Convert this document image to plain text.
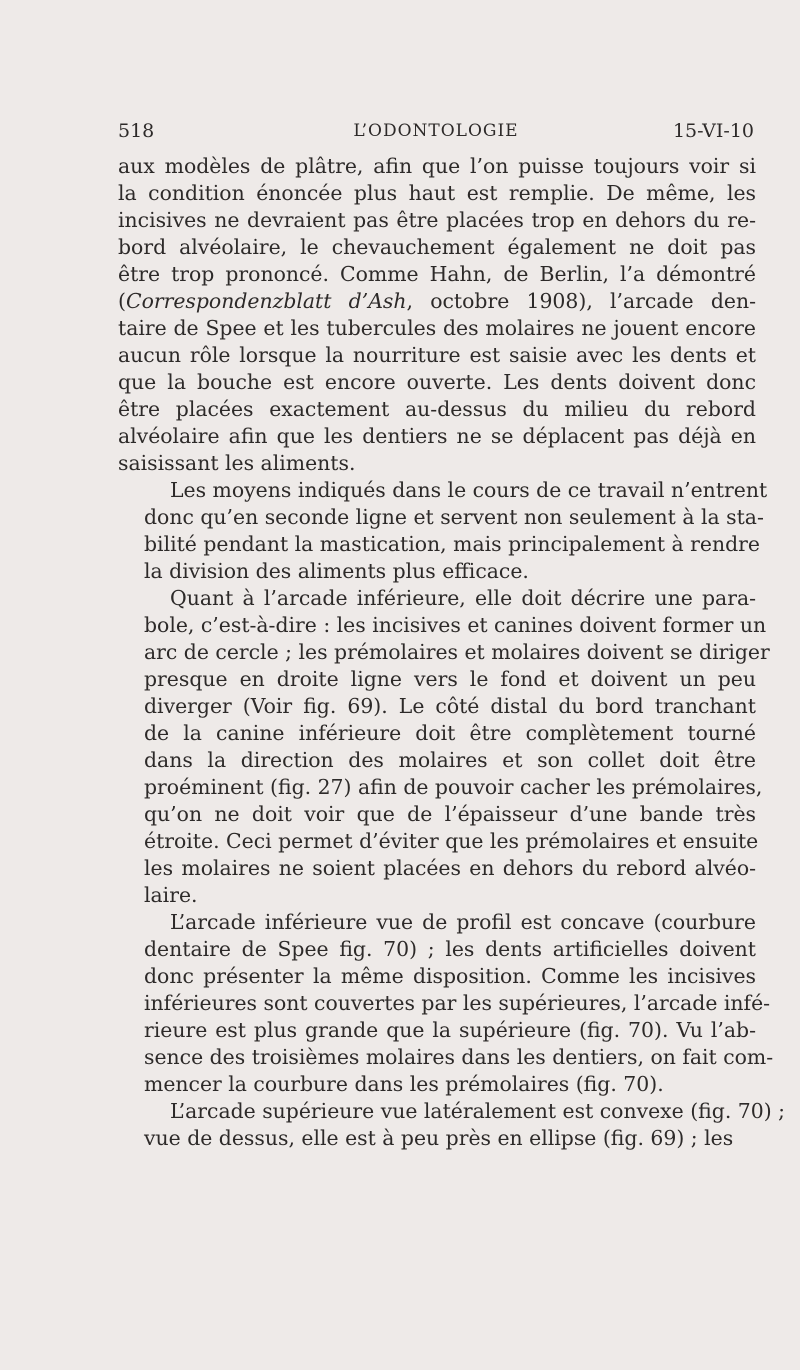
518	L’ODONTOLOGIE	15-VI-10
aux modèles de plâtre, afin que l’on puisse toujours voir si
la condition énoncée plus haut est remplie. De même, les
incisives ne devraient pas être placées trop en dehors du re-
bord alvéolaire, le chevauchement également ne doit pas
être trop prononcé. Comme Hahn, de Berlin, l’a démontré
(Correspondenzblatt d’Ash, octobre 1908), l’arcade den-
taire de Spee et les tubercules des molaires ne jouent encore
aucun rôle lorsque la nourriture est saisie avec les dents et
que la bouche est encore ouverte. Les dents doivent donc
être placées exactement au-dessus du milieu du rebord
alvéolaire afin que les dentiers ne se déplacent pas déjà en
saisissant les aliments.
Les moyens indiqués dans le cours de ce travail n’entrent
donc qu’en seconde ligne et servent non seulement à la sta-
bilité pendant la mastication, mais principalement à rendre
la division des aliments plus efficace.
Quant à l’arcade inférieure, elle doit décrire une para-
bole, c’est-à-dire : les incisives et canines doivent former un
arc de cercle ; les prémolaires et molaires doivent se diriger
presque en droite ligne vers le fond et doivent un peu
diverger (Voir fig. 69). Le côté distal du bord tranchant
de la canine inférieure doit être complètement tourné
dans la direction des molaires et son collet doit être
proéminent (fig. 27) afin de pouvoir cacher les prémolaires,
qu’on ne doit voir que de l’épaisseur d’une bande très
étroite. Ceci permet d’éviter que les prémolaires et ensuite
les molaires ne soient placées en dehors du rebord alvéo-
laire.
L’arcade inférieure vue de profil est concave (courbure
dentaire de Spee fig. 70) ; les dents artificielles doivent
donc présenter la même disposition. Comme les incisives
inférieures sont couvertes par les supérieures, l’arcade infé-
rieure est plus grande que la supérieure (fig. 70). Vu l’ab-
sence des troisièmes molaires dans les dentiers, on fait com-
mencer la courbure dans les prémolaires (fig. 70).
L’arcade supérieure vue latéralement est convexe (fig. 70) ;
vue de dessus, elle est à peu près en ellipse (fig. 69) ; les
